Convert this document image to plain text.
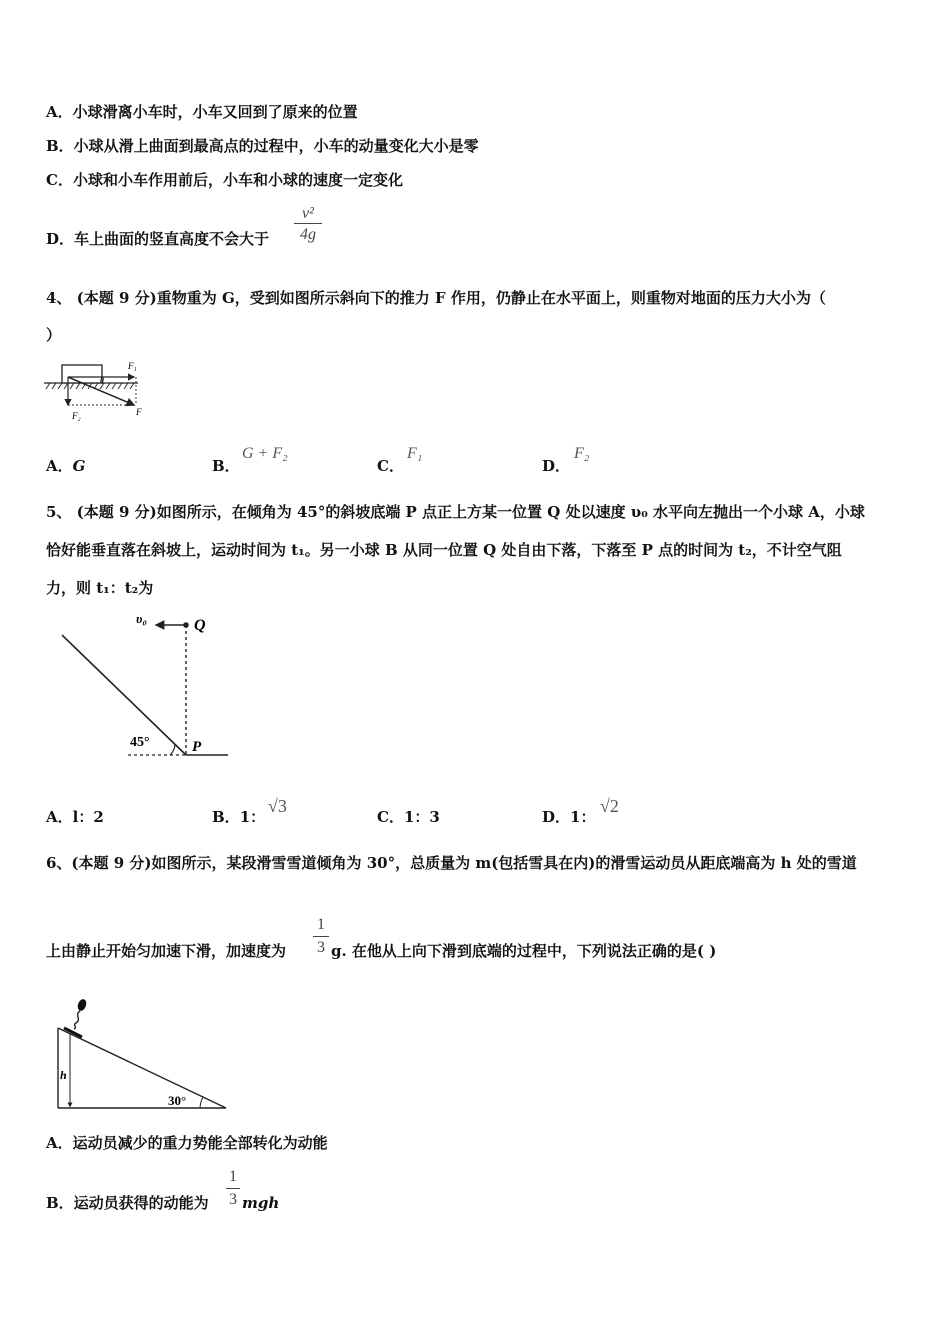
A．小球滑离小车时，小车又回到了原来的位置
B．小球从滑上曲面到最高点的过程中，小车的动量变化大小是零
C．小球和小车作用前后，小车和小球的速度一定变化
D．车上曲面的竖直高度不会大于 $\frac{\text{v²}}{4g}$
4、 (本题 9 分)重物重为 G，受到如图所示斜向下的推力 F 作用，仍静止在水平面上，则重物对地面的压力大小为（
）
F₁
F₂	F
θ
A．G	B．
G + F₂
C．
F₁
D．
F₂
5、 (本题 9 分)如图所示，在倾角为 45°的斜坡底端 P 点正上方某一位置 Q 处以速度 υ₀ 水平向左抛出一个小球 A，小球
恰好能垂直落在斜坡上，运动时间为 t₁。另一小球 B 从同一位置 Q 处自由下落，下落至 P 点的时间为 t₂，不计空气阻
力，则 t₁：t₂为
υ₀	Q
P
45°
A．l：2	B．1：
√3
C．1：3	D．1：
√2
6、(本题 9 分)如图所示，某段滑雪雪道倾角为 30°，总质量为 m(包括雪具在内)的滑雪运动员从距底端高为 h 处的雪道
上由静止开始匀加速下滑，加速度为 $\frac{1}{3} g$. 在他从上向下滑到底端的过程中，下列说法正确的是( )
h
30°
A．运动员减少的重力势能全部转化为动能
B．运动员获得的动能为 $\frac{1}{3}$ mgh
